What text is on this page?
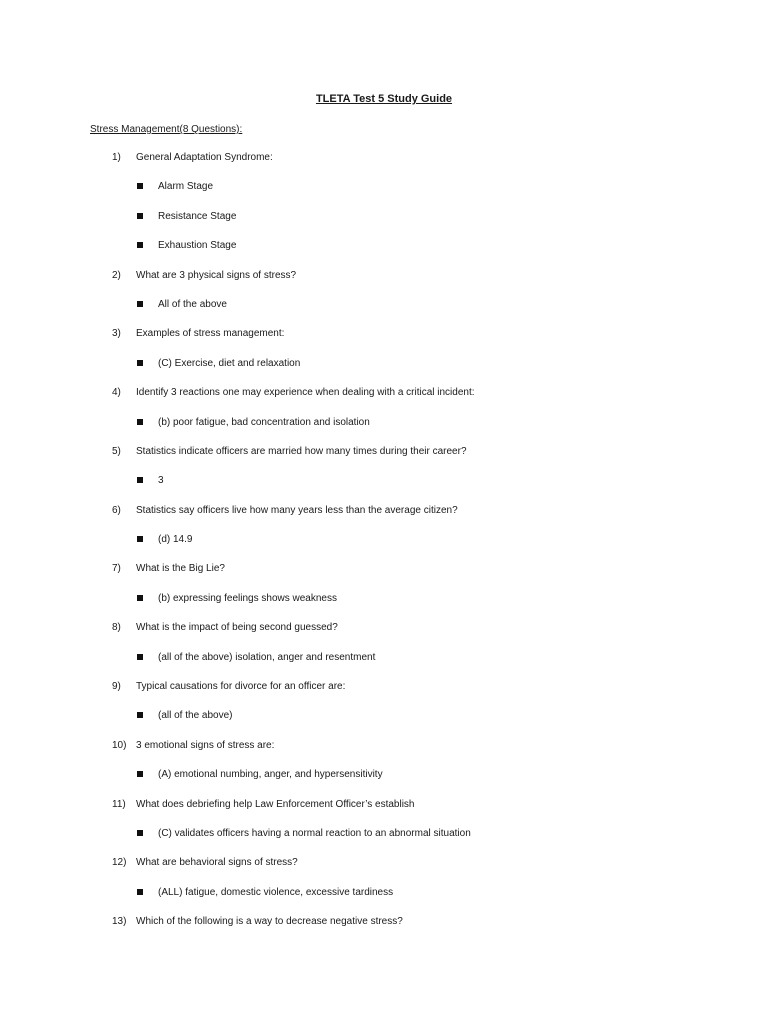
TLETA Test 5 Study Guide
Stress Management(8 Questions):
1) General Adaptation Syndrome:
Alarm Stage
Resistance Stage
Exhaustion Stage
2) What are 3 physical signs of stress?
All of the above
3) Examples of stress management:
(C) Exercise, diet and relaxation
4) Identify 3 reactions one may experience when dealing with a critical incident:
(b) poor fatigue, bad concentration and isolation
5) Statistics indicate officers are married how many times during their career?
3
6) Statistics say officers live how many years less than the average citizen?
(d) 14.9
7) What is the Big Lie?
(b) expressing feelings shows weakness
8) What is the impact of being second guessed?
(all of the above) isolation, anger and resentment
9) Typical causations for divorce for an officer are:
(all of the above)
10) 3 emotional signs of stress are:
(A) emotional numbing, anger, and hypersensitivity
11) What does debriefing help Law Enforcement Officer’s establish
(C) validates officers having a normal reaction to an abnormal situation
12) What are behavioral signs of stress?
(ALL) fatigue, domestic violence, excessive tardiness
13) Which of the following is a way to decrease negative stress?
